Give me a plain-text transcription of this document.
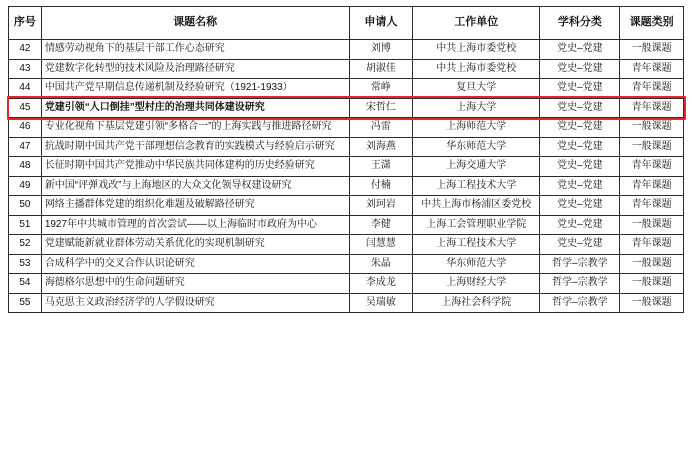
序号	课题名称	申请人	工作单位	学科分类	课题类别
42	情感劳动视角下的基层干部工作心态研究	刘博	中共上海市委党校	党史–党建	一般课题
43	党建数字化转型的技术风险及治理路径研究	胡淑佳	中共上海市委党校	党史–党建	青年课题
44	中国共产党早期信息传递机制及经验研究（1921-1933）	常峥	复旦大学	党史–党建	青年课题
45	党建引领“人口倒挂”型村庄的治理共同体建设研究	宋哲仁	上海大学	党史–党建	青年课题
46	专业化视角下基层党建引领“多格合一”的上海实践与推进路径研究	冯雷	上海师范大学	党史–党建	一般课题
47	抗战时期中国共产党干部理想信念教育的实践模式与经验启示研究	刘海燕	华东师范大学	党史–党建	一般课题
48	长征时期中国共产党推动中华民族共同体建构的历史经验研究	王潇	上海交通大学	党史–党建	青年课题
49	新中国“评弹戏改”与上海地区的大众文化领导权建设研究	付楠	上海工程技术大学	党史–党建	青年课题
50	网络主播群体党建的组织化难题及破解路径研究	刘珂岩	中共上海市杨浦区委党校	党史–党建	青年课题
51	1927年中共城市管理的首次尝试——以上海临时市政府为中心	李健	上海工会管理职业学院	党史–党建	一般课题
52	党建赋能新就业群体劳动关系优化的实现机制研究	闫慧慧	上海工程技术大学	党史–党建	青年课题
53	合成科学中的交叉合作认识论研究	朱晶	华东师范大学	哲学–宗教学	一般课题
54	海德格尔思想中的生命问题研究	李成龙	上海财经大学	哲学–宗教学	一般课题
55	马克思主义政治经济学的人学假设研究	吴瑞敏	上海社会科学院	哲学–宗教学	一般课题
